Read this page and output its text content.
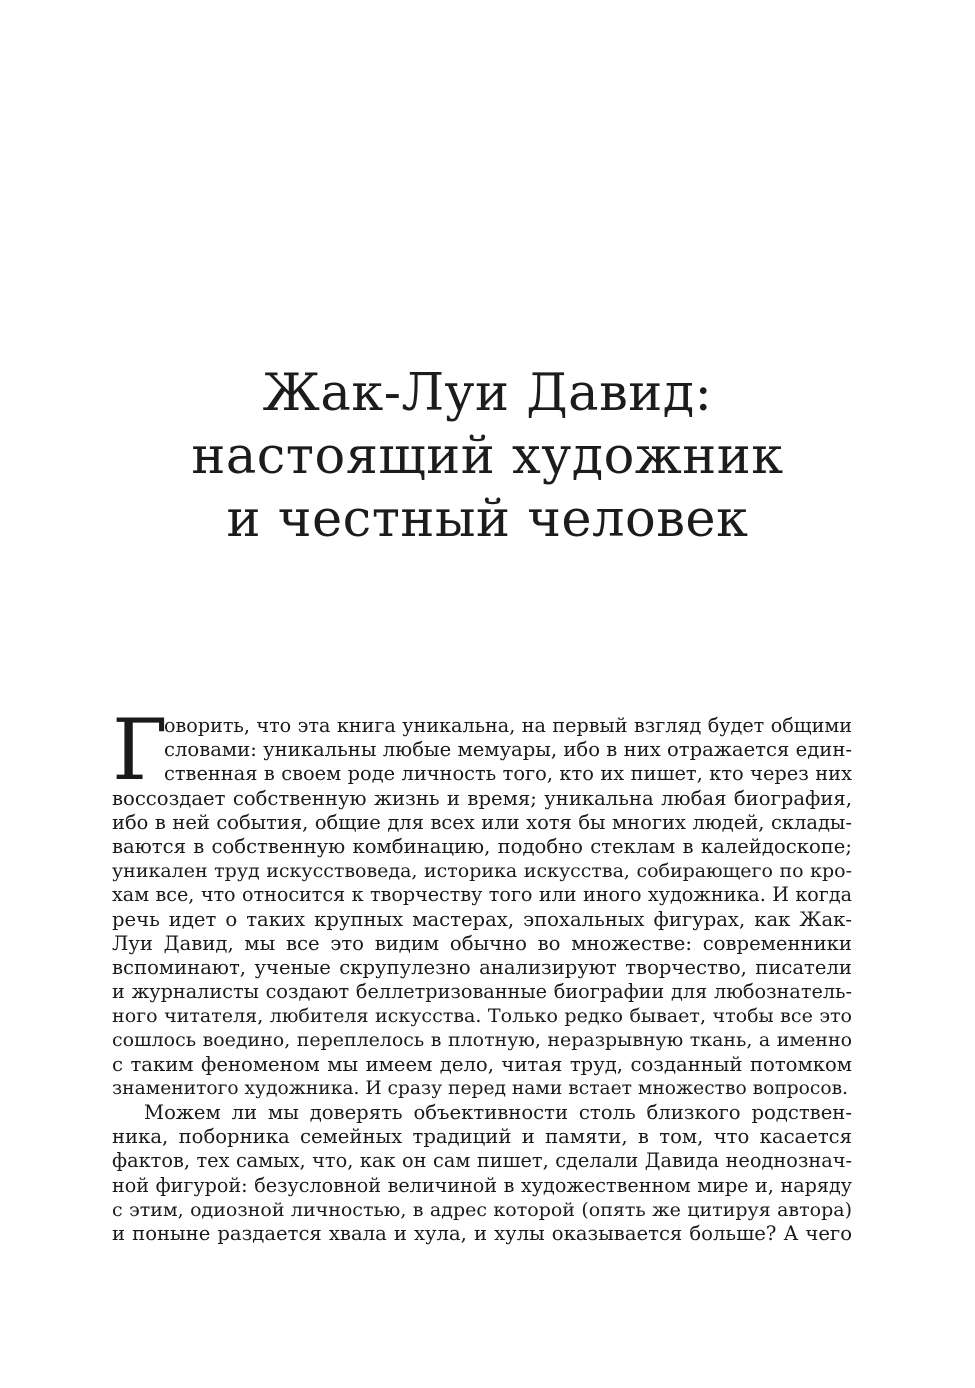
Жак-Луи Давид:
настоящий художник
и честный человек
Г
оворить, что эта книга уникальна, на первый взгляд будет общими
словами: уникальны любые мемуары, ибо в них отражается един-
ственная в своем роде личность того, кто их пишет, кто через них
воссоздает собственную жизнь и время; уникальна любая биография,
ибо в ней события, общие для всех или хотя бы многих людей, склады-
ваются в собственную комбинацию, подобно стеклам в калейдоскопе;
уникален труд искусствоведа, историка искусства, собирающего по кро-
хам все, что относится к творчеству того или иного художника. И когда
речь идет о таких крупных мастерах, эпохальных фигурах, как Жак-
Луи Давид, мы все это видим обычно во множестве: современники
вспоминают, ученые скрупулезно анализируют творчество, писатели
и журналисты создают беллетризованные биографии для любознатель-
ного читателя, любителя искусства. Только редко бывает, чтобы все это
сошлось воедино, переплелось в плотную, неразрывную ткань, а именно
с таким феноменом мы имеем дело, читая труд, созданный потомком
знаменитого художника. И сразу перед нами встает множество вопросов.
Можем ли мы доверять объективности столь близкого родствен-
ника, поборника семейных традиций и памяти, в том, что касается
фактов, тех самых, что, как он сам пишет, сделали Давида неоднознач-
ной фигурой: безусловной величиной в художественном мире и, наряду
с этим, одиозной личностью, в адрес которой (опять же цитируя автора)
и поныне раздается хвала и хула, и хулы оказывается больше? А чего
